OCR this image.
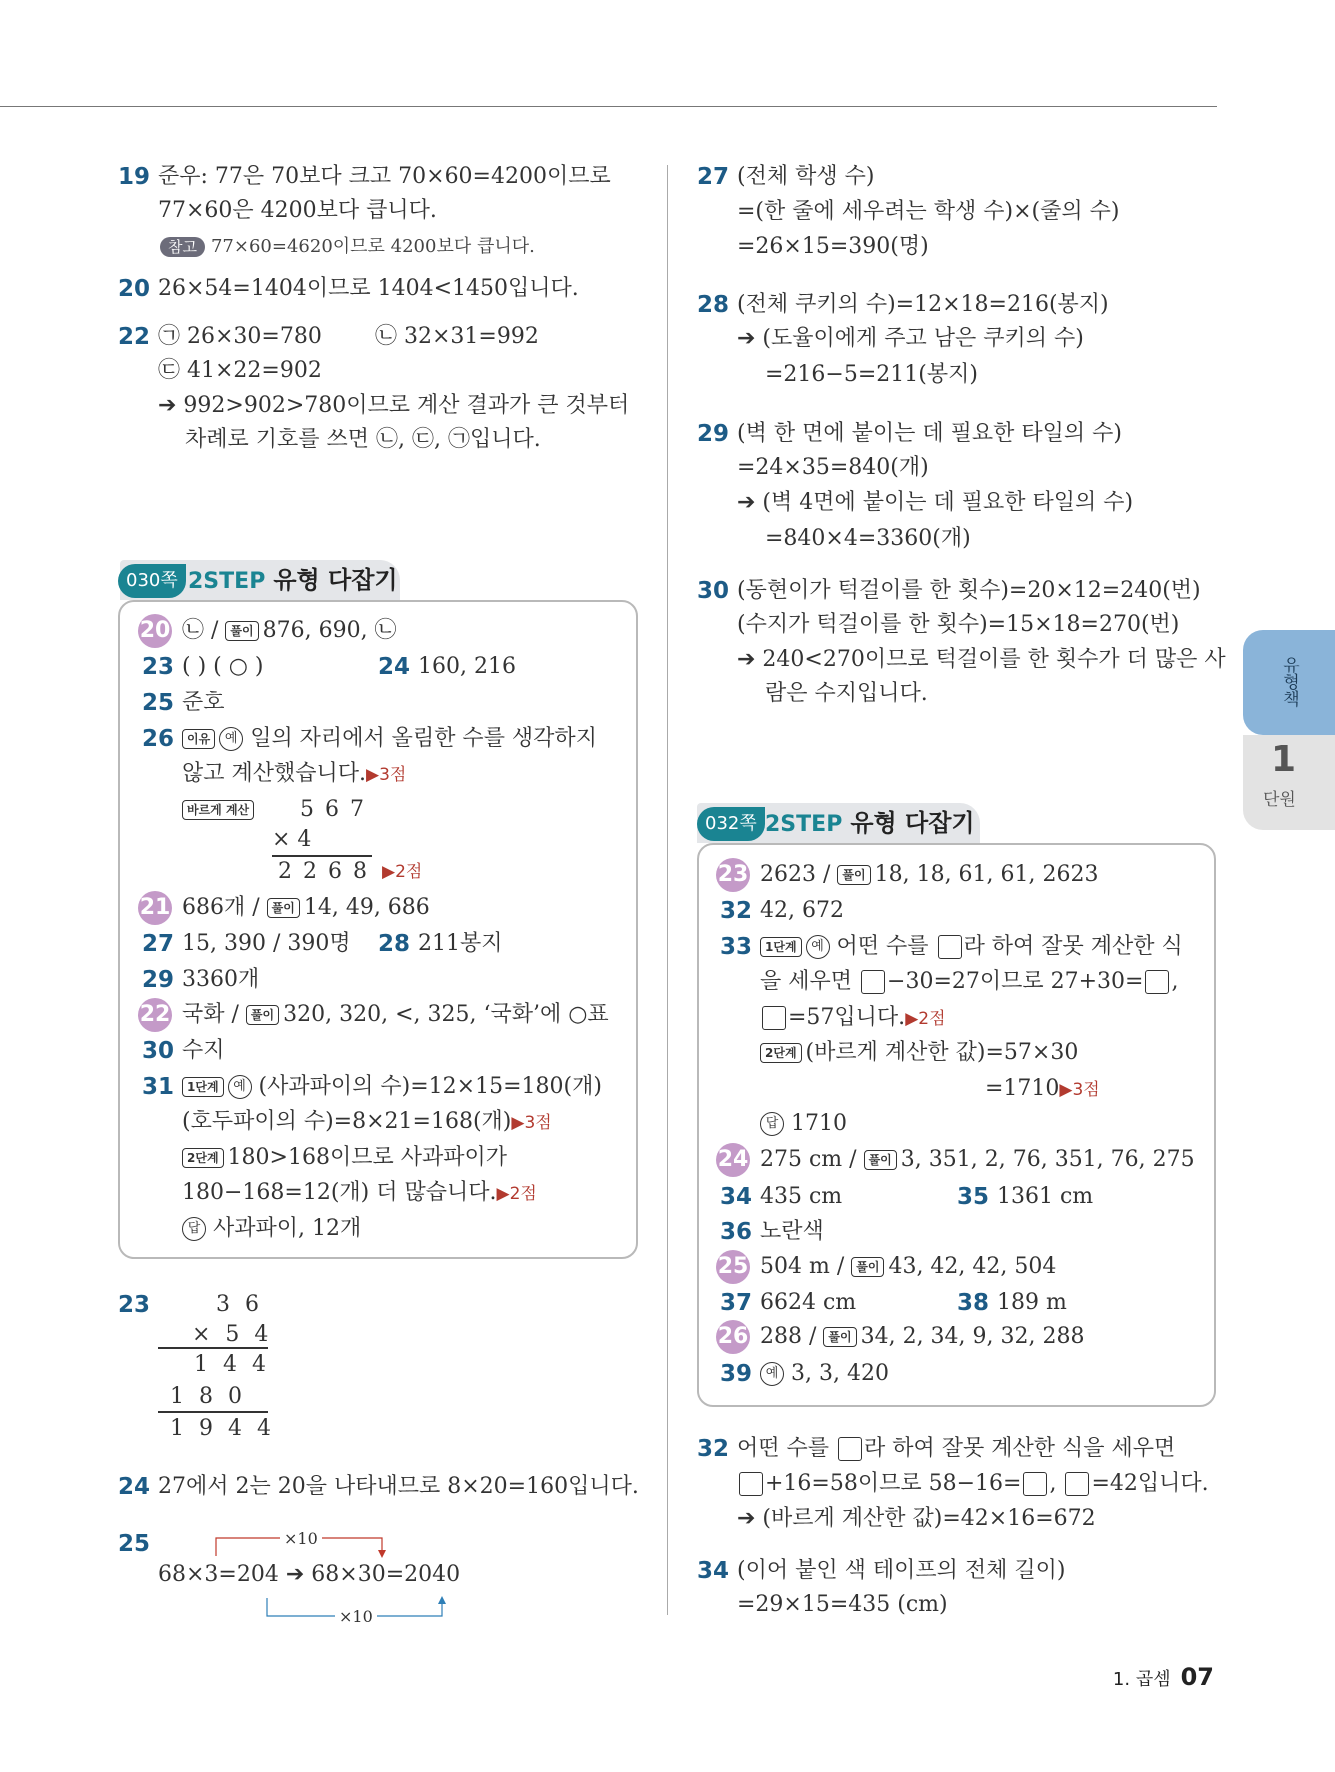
19 준우: 77은 70보다 크고 70×60=4200이므로
77×60은 4200보다 큽니다.
참고 77×60=4620이므로 4200보다 큽니다.
20 26×54=1404이므로 1404<1450입니다.
22 ㉠ 26×30=780 ㉡ 32×31=992
㉢ 41×22=902
➔ 992>902>780이므로 계산 결과가 큰 것부터
차례로 기호를 쓰면 ㉡, ㉢, ㉠입니다.
030쪽 2STEP 유형 다잡기
20 ㉡ / 풀이 876, 690, ㉡
23 ( ) ( ○ )	24 160, 216
25 준호
26	이유 예 일의 자리에서 올림한 수를 생각하지
않고 계산했습니다.▶3점
바르게 계산	5 6 7
× 4
2 2 6 8 ▶2점
21 686개 / 풀이 14, 49, 686
27 15, 390 / 390명 28 211봉지
29 3360개
22 국화 / 풀이 320, 320, <, 325, ‘국화’에 ○표
30 수지
31	1단계 예 (사과파이의 수)=12×15=180(개)
(호두파이의 수)=8×21=168(개)▶3점
2단계 180>168이므로 사과파이가
180−168=12(개) 더 많습니다.▶2점
답 사과파이, 12개
23	3 6
× 5 4
1 4 4
1 8 0
1 9 4 4
24 27에서 2는 20을 나타내므로 8×20=160입니다.
25	×10
68×3=204 ➔ 68×30=2040
×10
27 (전체 학생 수)
=(한 줄에 세우려는 학생 수)×(줄의 수)
=26×15=390(명)
28 (전체 쿠키의 수)=12×18=216(봉지)
➔ (도율이에게 주고 남은 쿠키의 수)
=216−5=211(봉지)
29 (벽 한 면에 붙이는 데 필요한 타일의 수)
=24×35=840(개)
➔ (벽 4면에 붙이는 데 필요한 타일의 수)
=840×4=3360(개)
30 (동현이가 턱걸이를 한 횟수)=20×12=240(번)
(수지가 턱걸이를 한 횟수)=15×18=270(번)
➔ 240<270이므로 턱걸이를 한 횟수가 더 많은 사
람은 수지입니다.
032쪽 2STEP 유형 다잡기
23 2623 / 풀이 18, 18, 61, 61, 2623
32 42, 672
33	1단계 예 어떤 수를 라 하여 잘못 계산한 식
을 세우면 −30=27이므로 27+30= ,
=57입니다.▶2점
2단계 (바르게 계산한 값)=57×30
=1710▶3점
답 1710
24 275 cm / 풀이 3, 351, 2, 76, 351, 76, 275
34 435 cm	35 1361 cm
36 노란색
25 504 m / 풀이 43, 42, 42, 504
37 6624 cm	38 189 m
26 288 / 풀이 34, 2, 34, 9, 32, 288
39	예 3, 3, 420
32 어떤 수를 라 하여 잘못 계산한 식을 세우면
+16=58이므로 58−16= , =42입니다.
➔ (바르게 계산한 값)=42×16=672
34 (이어 붙인 색 테이프의 전체 길이)
=29×15=435 (cm)
유형책
1
단원
1. 곱셈 07
